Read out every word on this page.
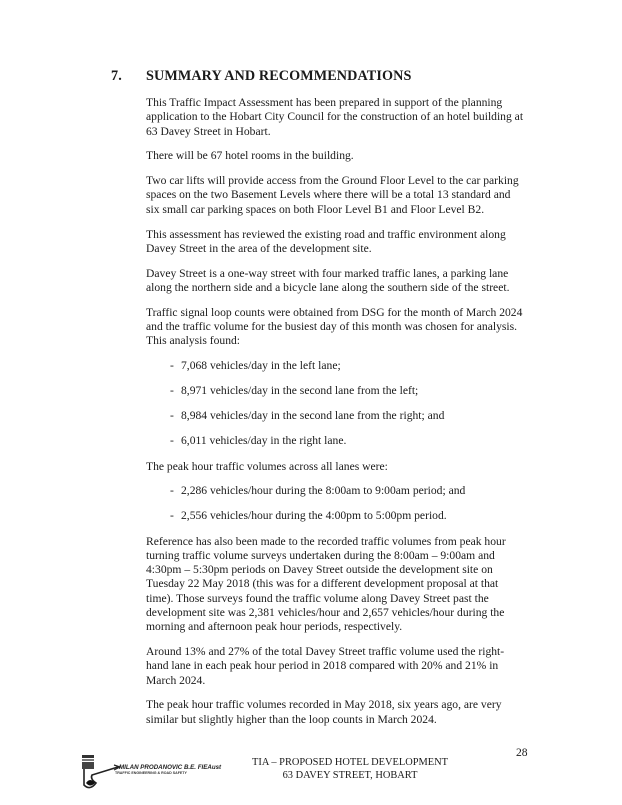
7. SUMMARY AND RECOMMENDATIONS

This Traffic Impact Assessment has been prepared in support of the planning application to the Hobart City Council for the construction of an hotel building at 63 Davey Street in Hobart.

There will be 67 hotel rooms in the building.

Two car lifts will provide access from the Ground Floor Level to the car parking spaces on the two Basement Levels where there will be a total 13 standard and six small car parking spaces on both Floor Level B1 and Floor Level B2.

This assessment has reviewed the existing road and traffic environment along Davey Street in the area of the development site.

Davey Street is a one-way street with four marked traffic lanes, a parking lane along the northern side and a bicycle lane along the southern side of the street.

Traffic signal loop counts were obtained from DSG for the month of March 2024 and the traffic volume for the busiest day of this month was chosen for analysis. This analysis found:

- 7,068 vehicles/day in the left lane;
- 8,971 vehicles/day in the second lane from the left;
- 8,984 vehicles/day in the second lane from the right; and
- 6,011 vehicles/day in the right lane.

The peak hour traffic volumes across all lanes were:

- 2,286 vehicles/hour during the 8:00am to 9:00am period; and
- 2,556 vehicles/hour during the 4:00pm to 5:00pm period.

Reference has also been made to the recorded traffic volumes from peak hour turning traffic volume surveys undertaken during the 8:00am – 9:00am and 4:30pm – 5:30pm periods on Davey Street outside the development site on Tuesday 22 May 2018 (this was for a different development proposal at that time). Those surveys found the traffic volume along Davey Street past the development site was 2,381 vehicles/hour and 2,657 vehicles/hour during the morning and afternoon peak hour periods, respectively.

Around 13% and 27% of the total Davey Street traffic volume used the right-hand lane in each peak hour period in 2018 compared with 20% and 21% in March 2024.

The peak hour traffic volumes recorded in May 2018, six years ago, are very similar but slightly higher than the loop counts in March 2024.

28
MILAN PRODANOVIC B.E. FIEAust
TRAFFIC ENGINEERING & ROAD SAFETY
TIA – PROPOSED HOTEL DEVELOPMENT
63 DAVEY STREET, HOBART
